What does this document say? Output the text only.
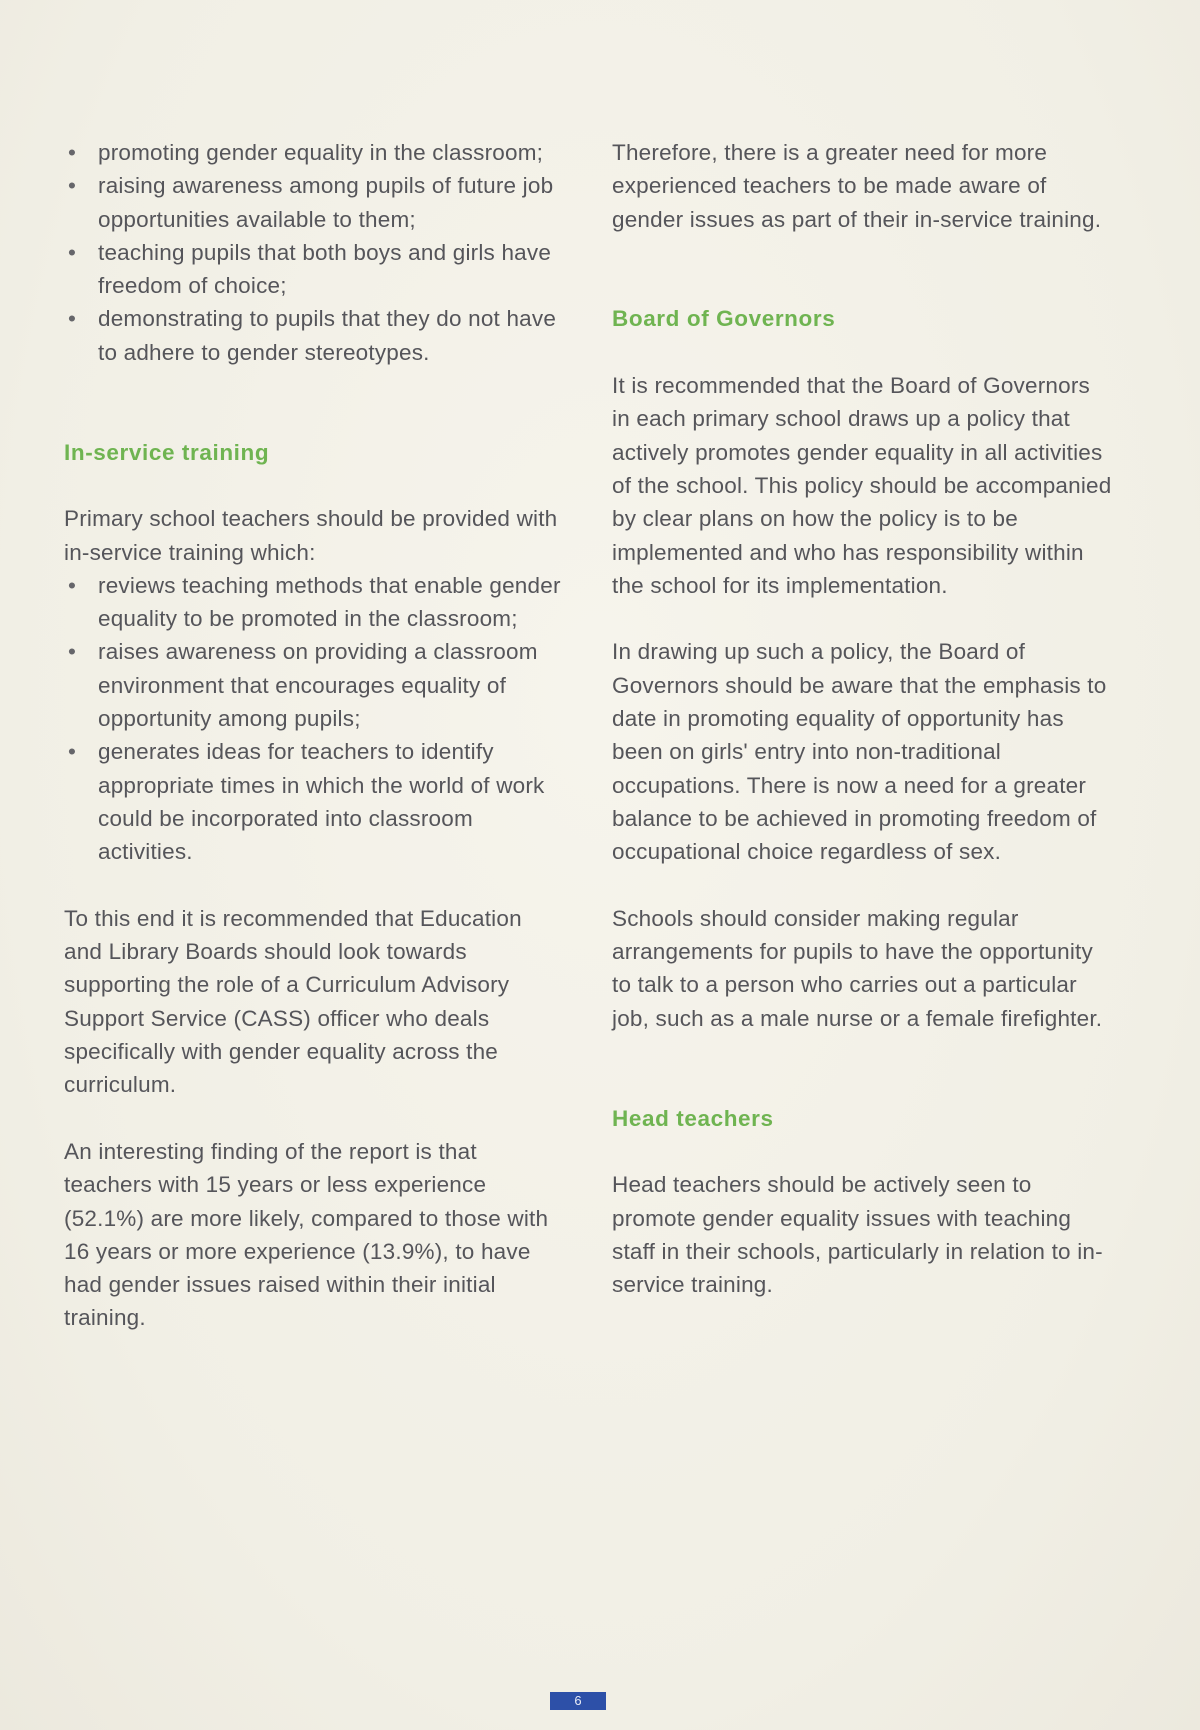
• promoting gender equality in the classroom;
• raising awareness among pupils of future job opportunities available to them;
• teaching pupils that both boys and girls have freedom of choice;
• demonstrating to pupils that they do not have to adhere to gender stereotypes.
In-service training

Primary school teachers should be provided with in-service training which:

• reviews teaching methods that enable gender equality to be promoted in the classroom;
• raises awareness on providing a classroom environment that encourages equality of opportunity among pupils;
• generates ideas for teachers to identify appropriate times in which the world of work could be incorporated into classroom activities.

To this end it is recommended that Education and Library Boards should look towards supporting the role of a Curriculum Advisory Support Service (CASS) officer who deals specifically with gender equality across the curriculum.

An interesting finding of the report is that teachers with 15 years or less experience (52.1%) are more likely, compared to those with 16 years or more experience (13.9%), to have had gender issues raised within their initial training.

Therefore, there is a greater need for more experienced teachers to be made aware of gender issues as part of their in-service training.

Board of Governors

It is recommended that the Board of Governors in each primary school draws up a policy that actively promotes gender equality in all activities of the school. This policy should be accompanied by clear plans on how the policy is to be implemented and who has responsibility within the school for its implementation.

In drawing up such a policy, the Board of Governors should be aware that the emphasis to date in promoting equality of opportunity has been on girls' entry into non-traditional occupations. There is now a need for a greater balance to be achieved in promoting freedom of occupational choice regardless of sex.

Schools should consider making regular arrangements for pupils to have the opportunity to talk to a person who carries out a particular job, such as a male nurse or a female firefighter.

Head teachers

Head teachers should be actively seen to promote gender equality issues with teaching staff in their schools, particularly in relation to in-service training.

6
